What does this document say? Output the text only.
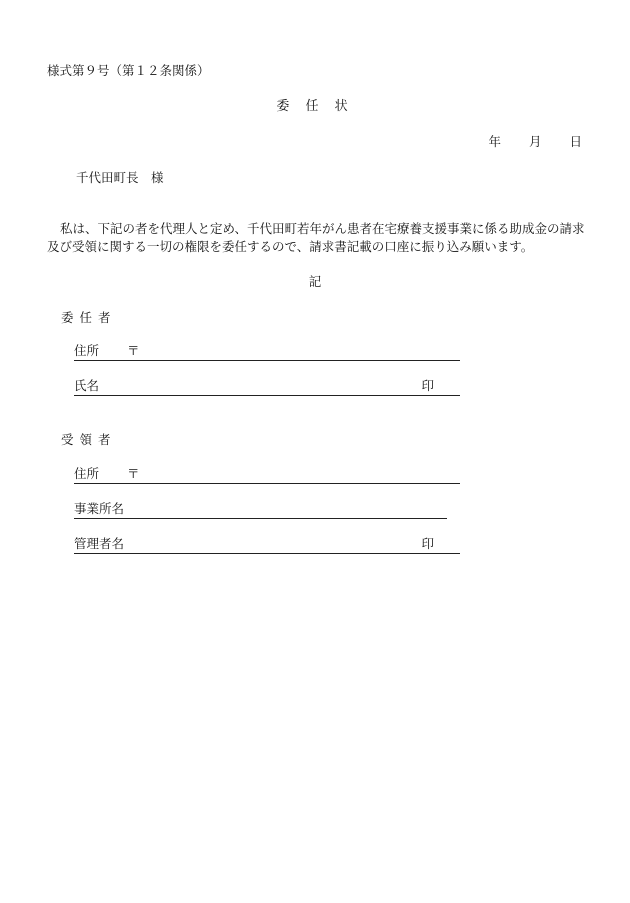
様式第９号（第１２条関係）
委 任 状
年 月 日
千代田町長　様

私は、下記の者を代理人と定め、千代田町若年がん患者在宅療養支援事業に係る助成金の請求及び受領に関する一切の権限を委任するので、請求書記載の口座に振り込み願います。

記
委任者
住所 〒
氏名	印
受領者
住所 〒
事業所名
管理者名	印
